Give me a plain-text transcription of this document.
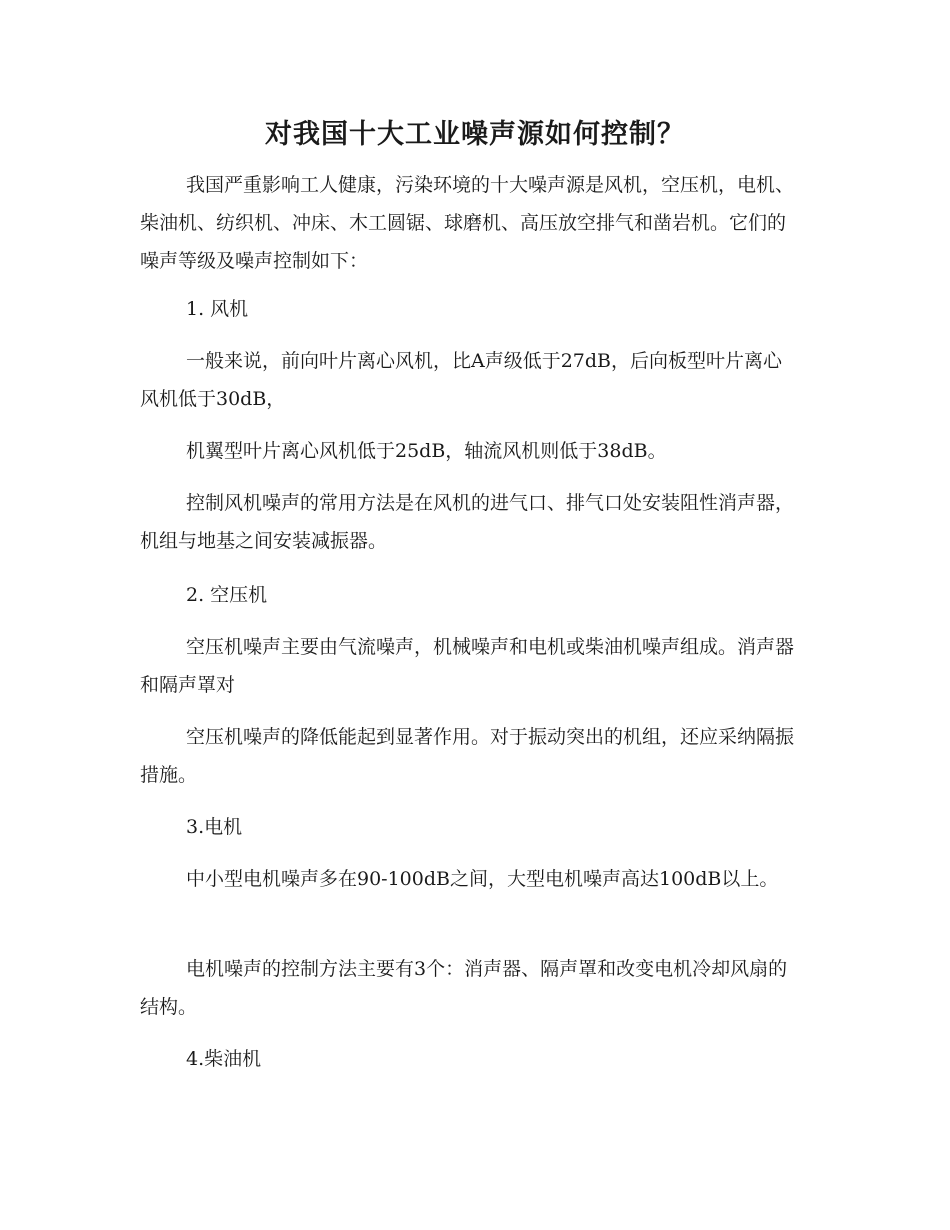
对我国十大工业噪声源如何控制？

我国严重影响工人健康，污染环境的十大噪声源是风机，空压机，电机、柴油机、纺织机、冲床、木工圆锯、球磨机、高压放空排气和凿岩机。它们的噪声等级及噪声控制如下：

1. 风机

一般来说，前向叶片离心风机，比A声级低于27dB，后向板型叶片离心风机低于30dB，

机翼型叶片离心风机低于25dB，轴流风机则低于38dB。

控制风机噪声的常用方法是在风机的进气口、排气口处安装阻性消声器，机组与地基之间安装减振器。

2. 空压机

空压机噪声主要由气流噪声，机械噪声和电机或柴油机噪声组成。消声器和隔声罩对

空压机噪声的降低能起到显著作用。对于振动突出的机组，还应采纳隔振措施。

3.电机

中小型电机噪声多在90-100dB之间，大型电机噪声高达100dB以上。

电机噪声的控制方法主要有3个：消声器、隔声罩和改变电机冷却风扇的结构。

4.柴油机
